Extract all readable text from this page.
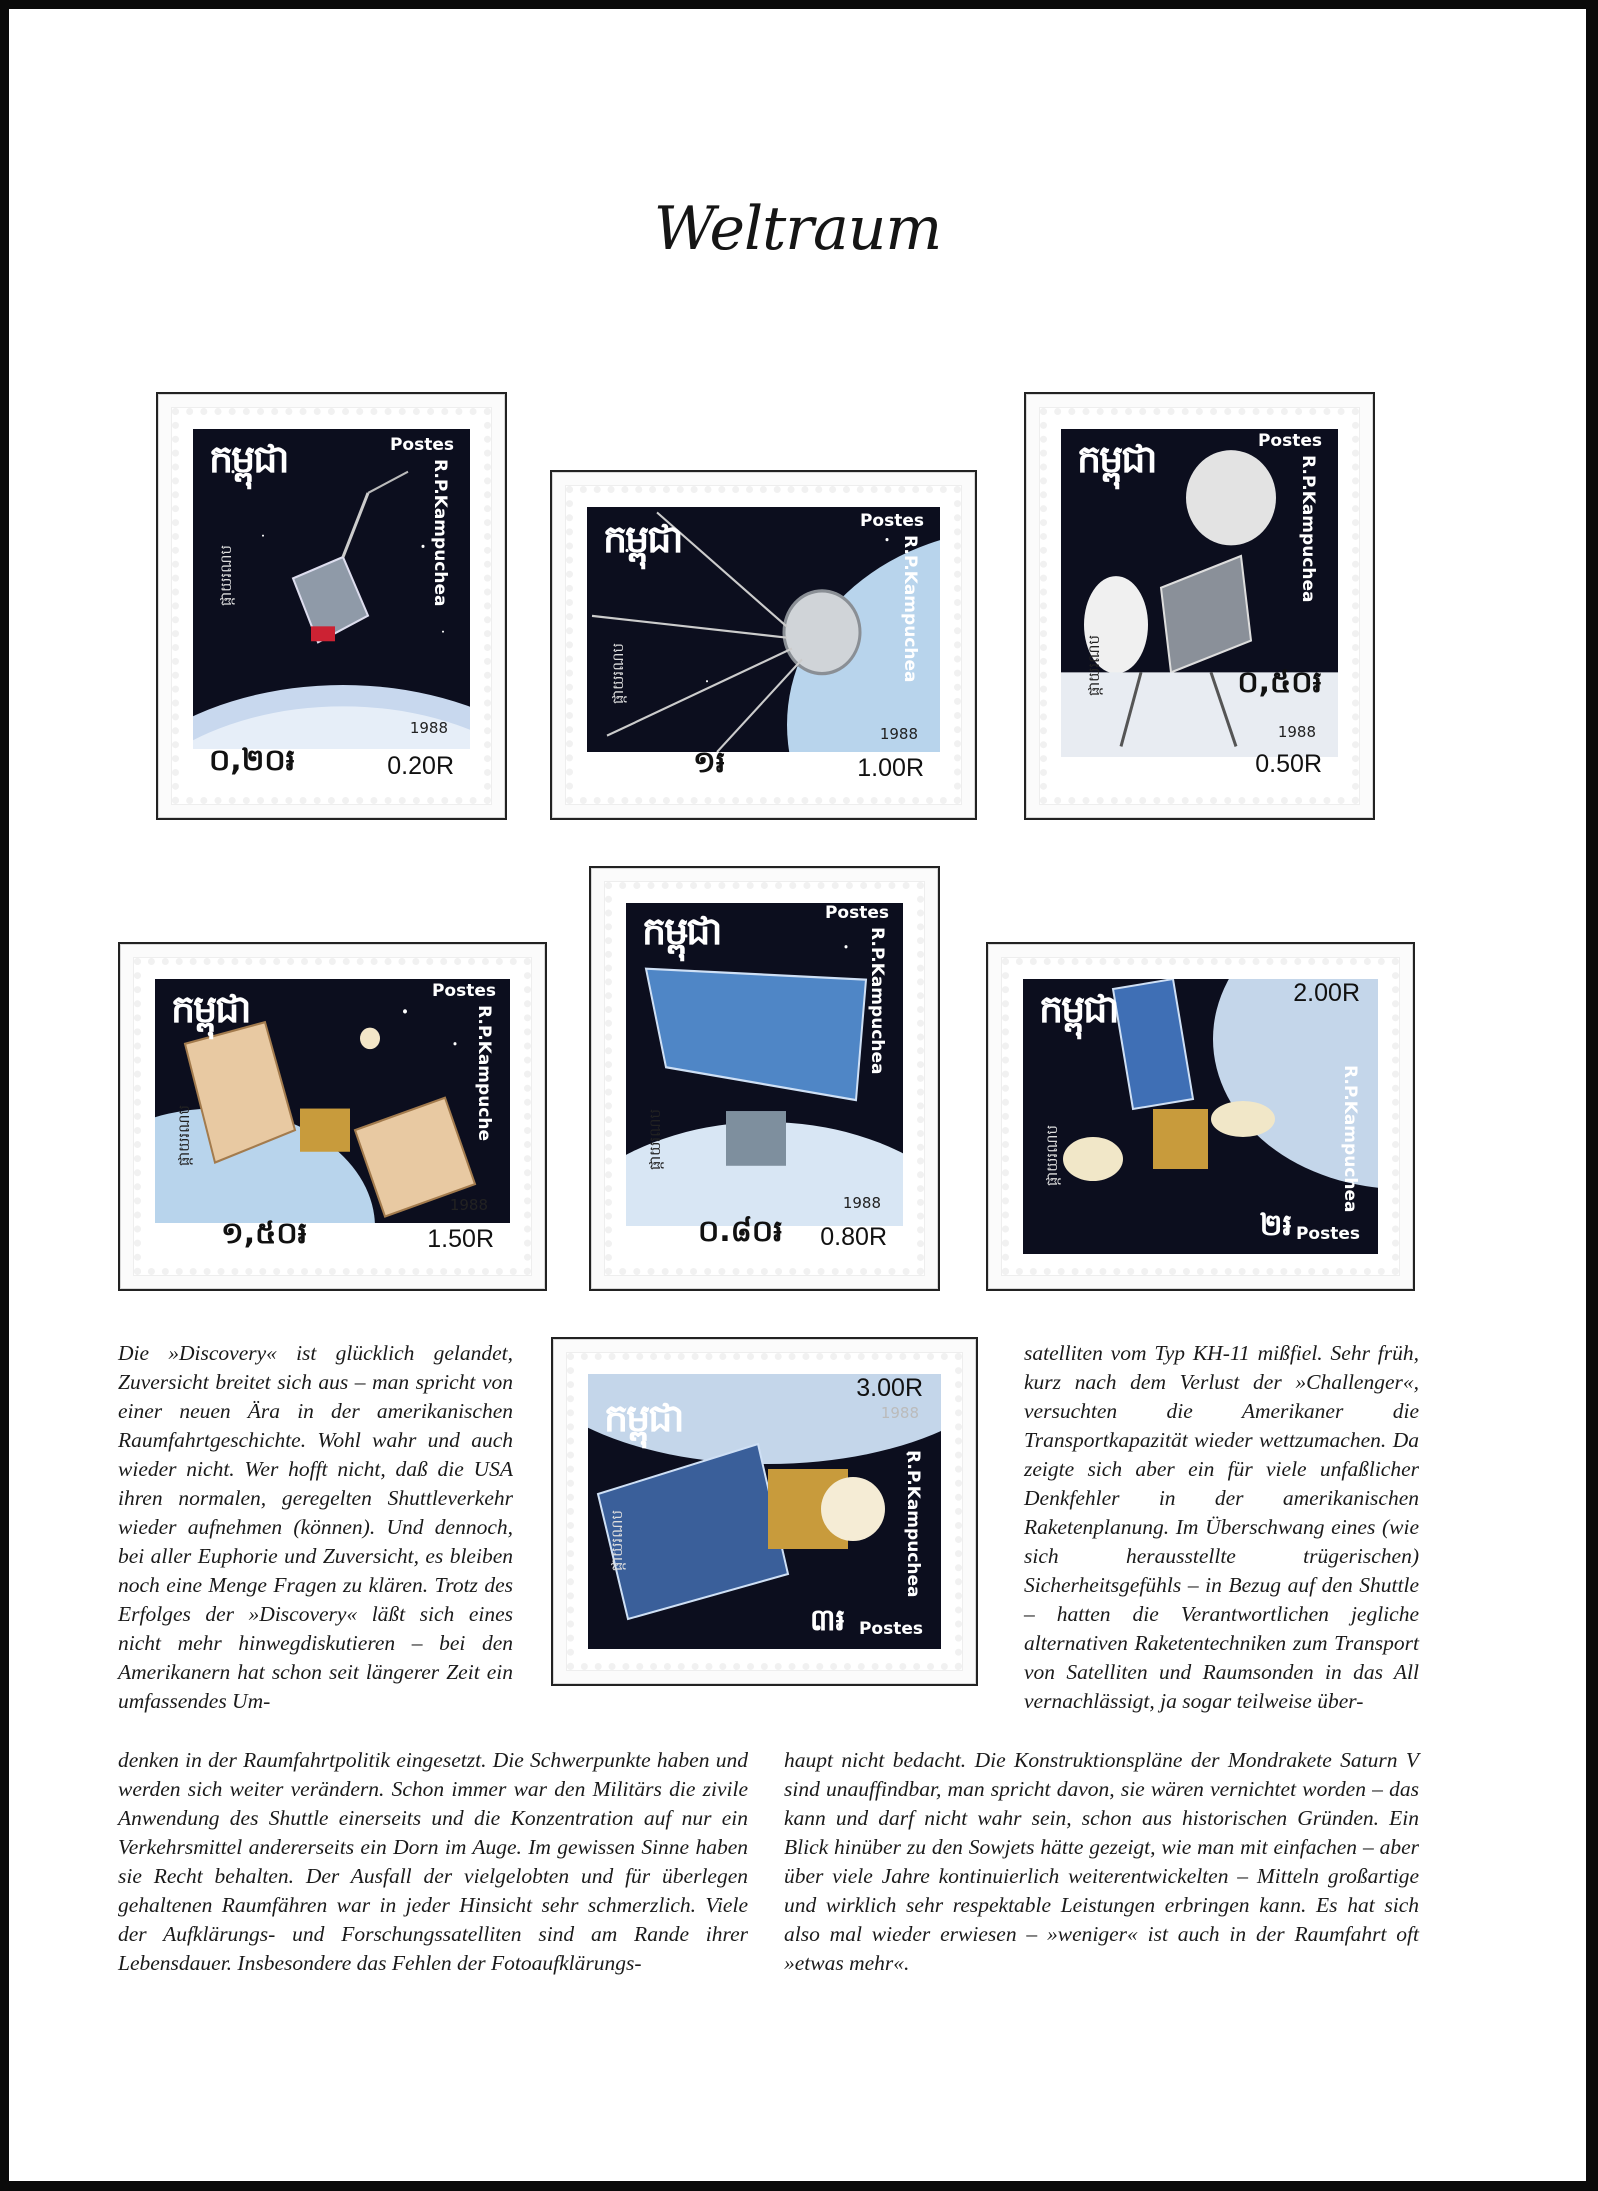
Weltraum
កម្ពុជា	Postes
R.P.Kampuchea
ផ្កាយរណប
1988
០,២០៛	0.20R
កម្ពុជា	Postes
R.P.Kampuchea
ផ្កាយរណប
1988
១៛	1.00R
កម្ពុជា	Postes
R.P.Kampuchea
ផ្កាយរណប	០,៥០៛
1988
0.50R
កម្ពុជា	Postes
R.P.Kampuche
ផ្កាយរណប
1988
១,៥០៛	1.50R
កម្ពុជា	Postes
R.P.Kampuchea
ផ្កាយរណប
1988
០.៨០៛ 0.80R
កម្ពុជា	2.00R
R.P.Kampuchea
ផ្កាយរណប
២៛ Postes
កម្ពុជា
3.00R
1988
R.P.Kampuchea
ផ្កាយរណប
៣៛ Postes

Die »Discovery« ist glücklich gelandet, Zuversicht breitet sich aus – man spricht von einer neuen Ära in der amerikanischen Raumfahrtgeschichte. Wohl wahr und auch wieder nicht. Wer hofft nicht, daß die USA ihren normalen, geregelten Shuttleverkehr wieder aufnehmen (können). Und dennoch, bei aller Euphorie und Zuversicht, es bleiben noch eine Menge Fragen zu klären. Trotz des Erfolges der »Discovery« läßt sich eines nicht mehr hinwegdiskutieren – bei den Amerikanern hat schon seit längerer Zeit ein umfassendes Um-

satelliten vom Typ KH-11 mißfiel. Sehr früh, kurz nach dem Verlust der »Challenger«, versuchten die Amerikaner die Transportkapazität wieder wettzumachen. Da zeigte sich aber ein für viele unfaßlicher Denkfehler in der amerikanischen Raketenplanung. Im Überschwang eines (wie sich herausstellte trügerischen) Sicherheitsgefühls – in Bezug auf den Shuttle – hatten die Verantwortlichen jegliche alternativen Raketentechniken zum Transport von Satelliten und Raumsonden in das All vernachlässigt, ja sogar teilweise über-

denken in der Raumfahrtpolitik eingesetzt. Die Schwerpunkte haben und werden sich weiter verändern. Schon immer war den Militärs die zivile Anwendung des Shuttle einerseits und die Konzentration auf nur ein Verkehrsmittel andererseits ein Dorn im Auge. Im gewissen Sinne haben sie Recht behalten. Der Ausfall der vielgelobten und für überlegen gehaltenen Raumfähren war in jeder Hinsicht sehr schmerzlich. Viele der Aufklärungs- und Forschungssatelliten sind am Rande ihrer Lebensdauer. Insbesondere das Fehlen der Fotoaufklärungs-

haupt nicht bedacht. Die Konstruktionspläne der Mondrakete Saturn V sind unauffindbar, man spricht davon, sie wären vernichtet worden – das kann und darf nicht wahr sein, schon aus historischen Gründen. Ein Blick hinüber zu den Sowjets hätte gezeigt, wie man mit einfachen – aber über viele Jahre kontinuierlich weiterentwickelten – Mitteln großartige und wirklich sehr respektable Leistungen erbringen kann. Es hat sich also mal wieder erwiesen – »weniger« ist auch in der Raumfahrt oft »etwas mehr«.
